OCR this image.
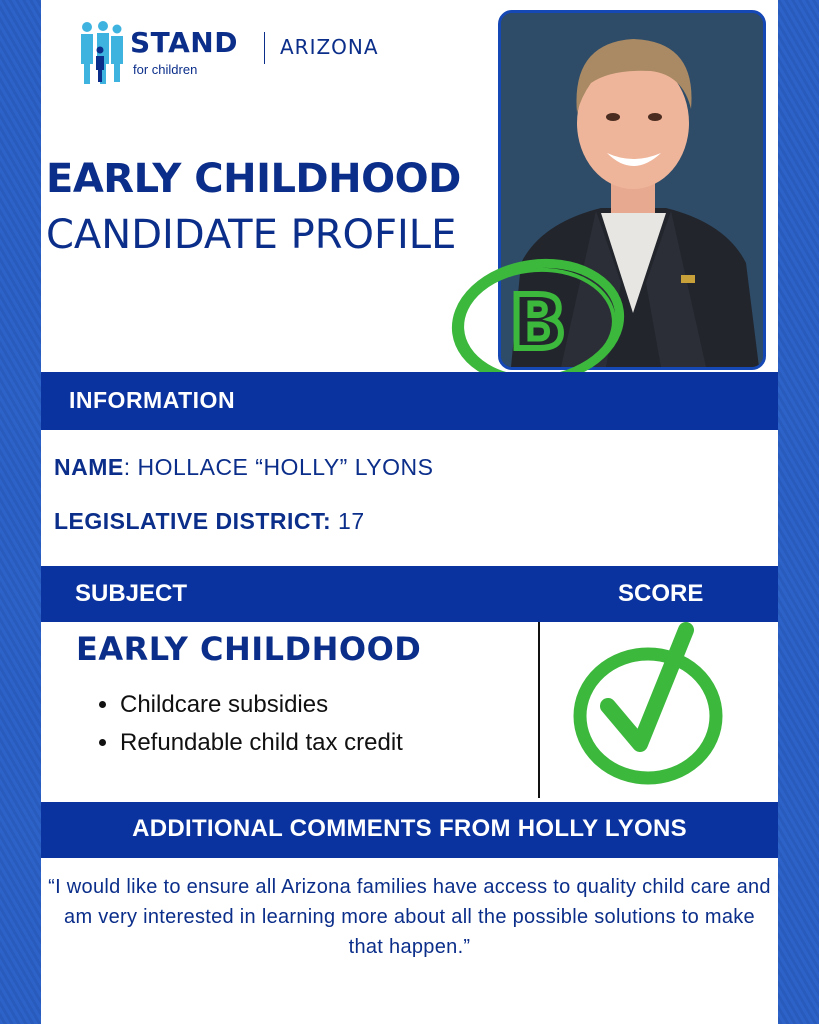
STAND
for children
ARIZONA
EARLY CHILDHOOD
CANDIDATE PROFILE
B
INFORMATION
NAME: HOLLACE “HOLLY” LYONS
LEGISLATIVE DISTRICT: 17
SUBJECT	SCORE
EARLY CHILDHOOD
• Childcare subsidies
• Refundable child tax credit
ADDITIONAL COMMENTS FROM HOLLY LYONS
“I would like to ensure all Arizona families have access to quality child care and am very interested in learning more about all the possible solutions to make that happen.”
